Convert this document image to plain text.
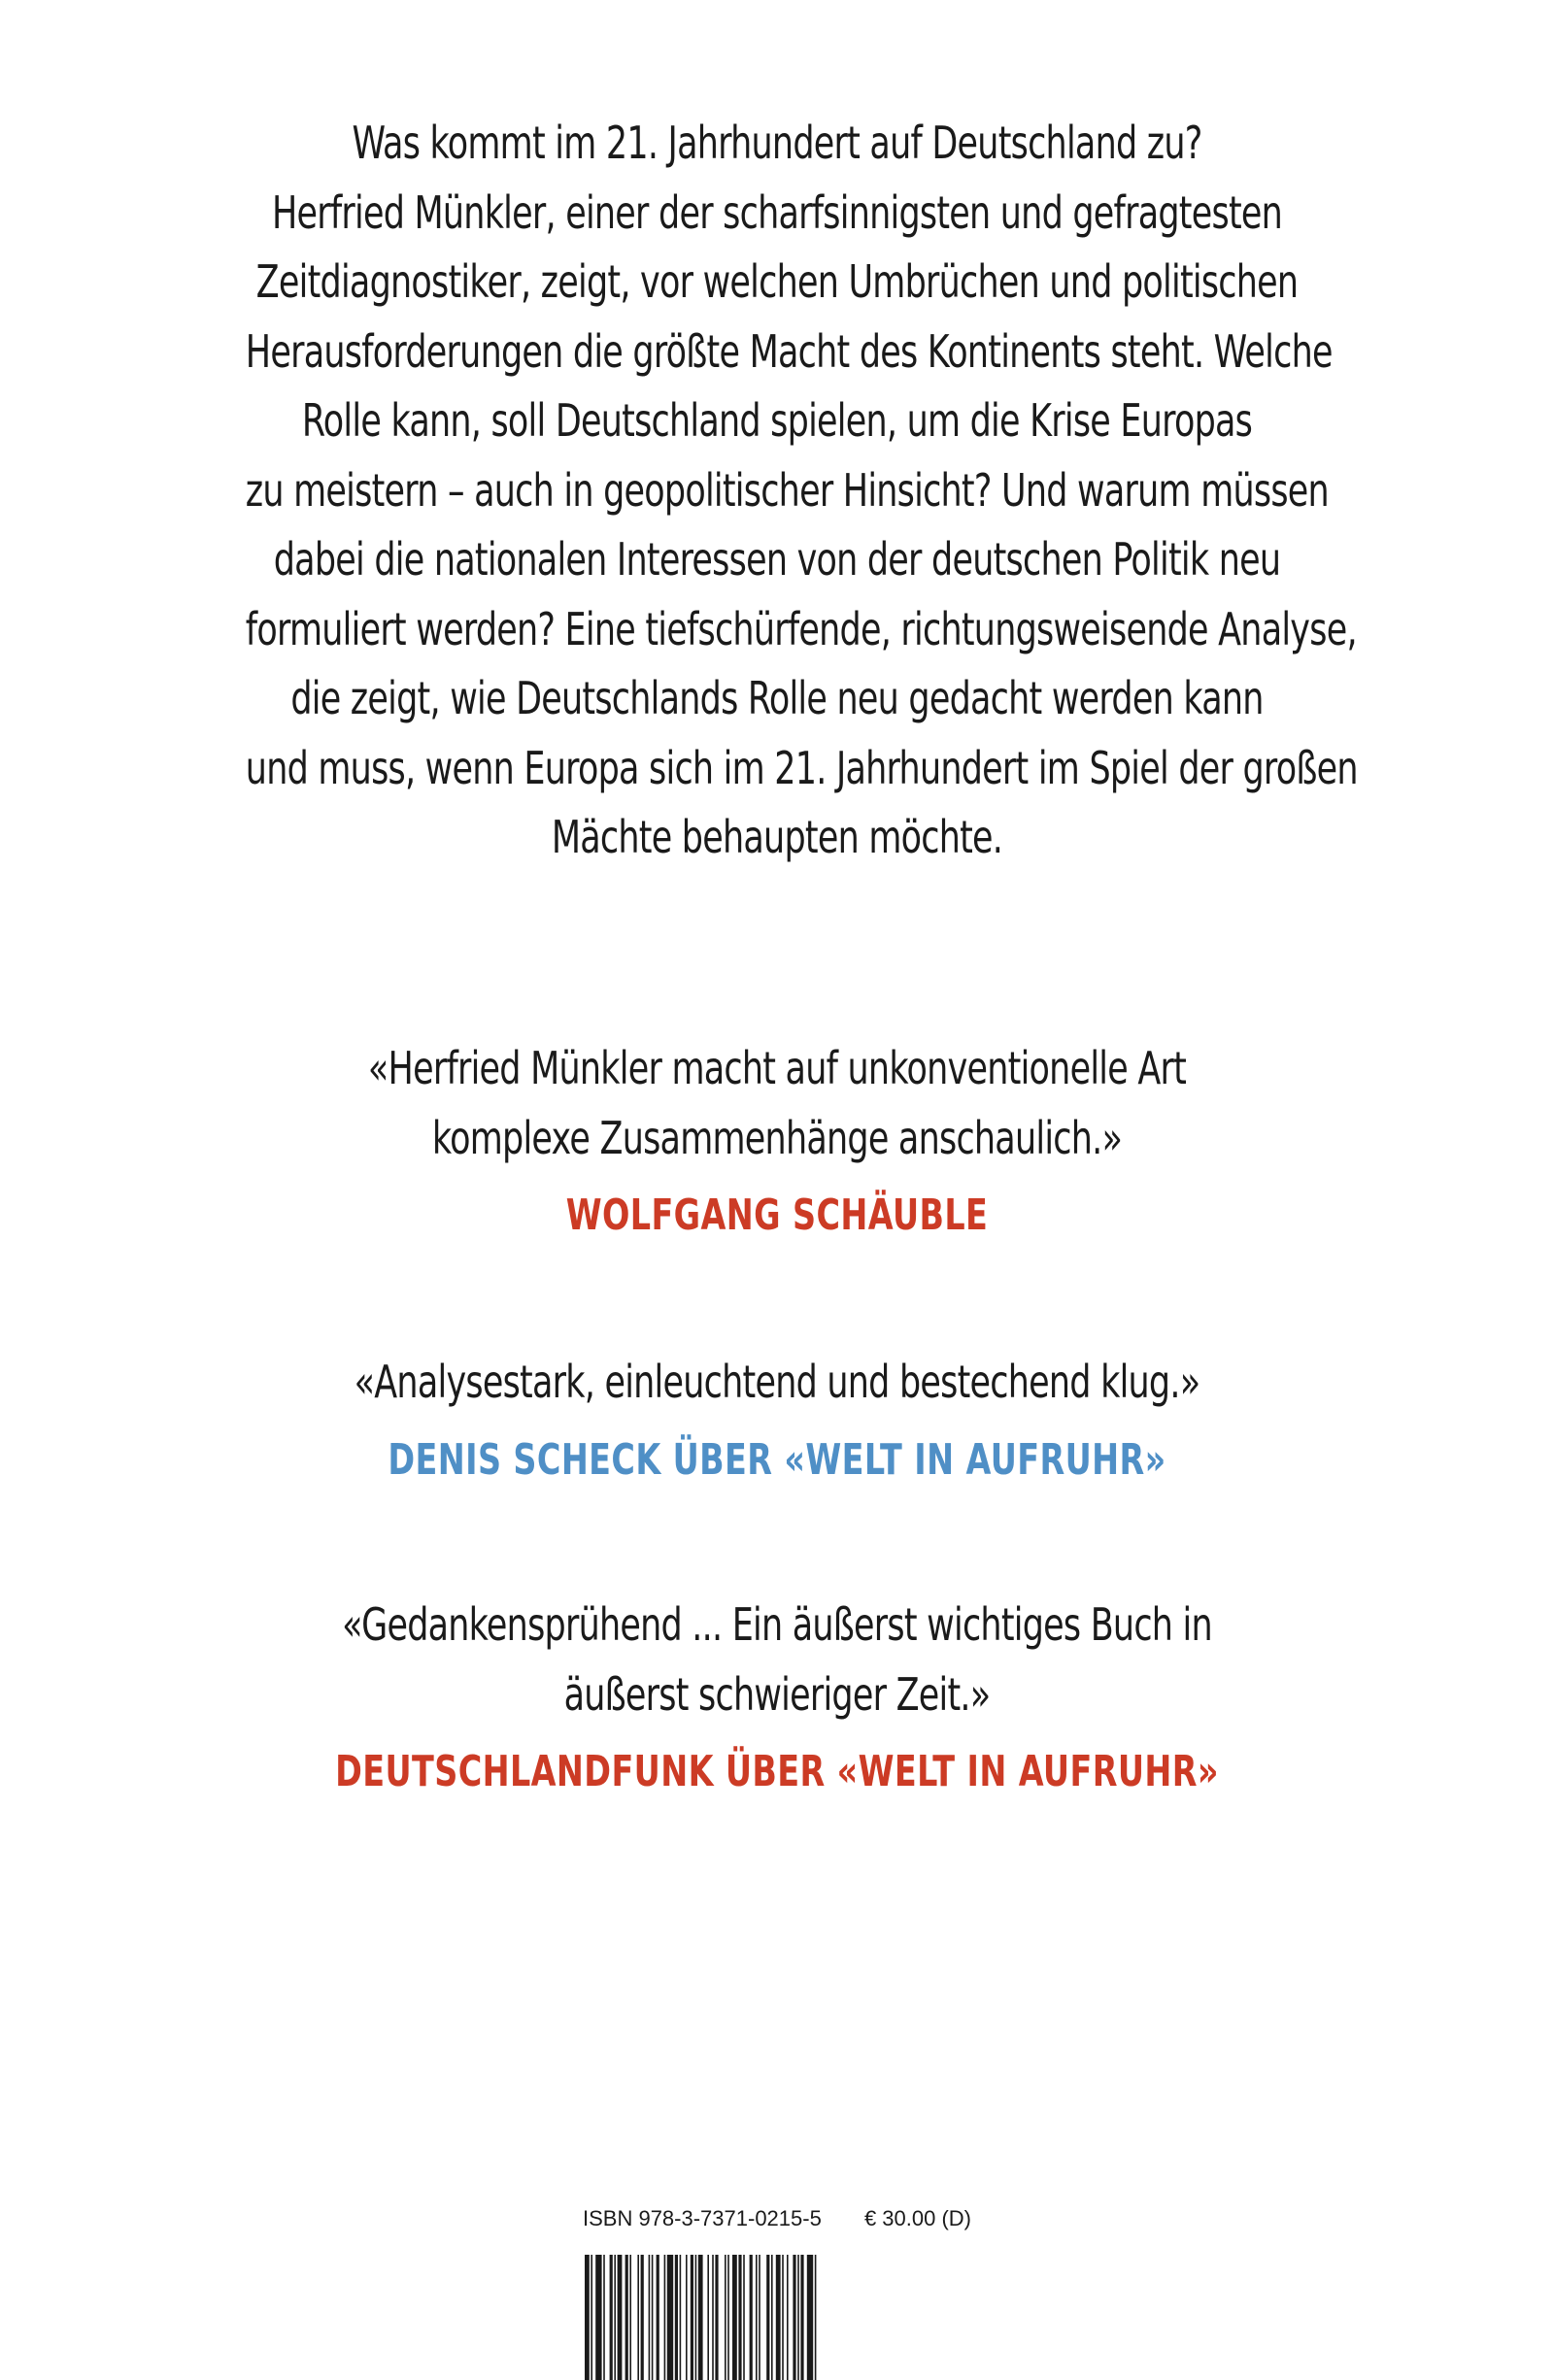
Was kommt im 21. Jahrhundert auf Deutschland zu?
Herfried Münkler, einer der scharfsinnigsten und gefragtesten
Zeitdiagnostiker, zeigt, vor welchen Umbrüchen und politischen
Herausforderungen die größte Macht des Kontinents steht. Welche
Rolle kann, soll Deutschland spielen, um die Krise Europas
zu meistern – auch in geopolitischer Hinsicht? Und warum müssen
dabei die nationalen Interessen von der deutschen Politik neu
formuliert werden? Eine tiefschürfende, richtungsweisende Analyse,
die zeigt, wie Deutschlands Rolle neu gedacht werden kann
und muss, wenn Europa sich im 21. Jahrhundert im Spiel der großen
Mächte behaupten möchte.

«Herfried Münkler macht auf unkonventionelle Art
komplexe Zusammenhänge anschaulich.»
WOLFGANG SCHÄUBLE
«Analysestark, einleuchtend und bestechend klug.»
DENIS SCHECK ÜBER «WELT IN AUFRUHR»
«Gedankensprühend ... Ein äußerst wichtiges Buch in
äußerst schwieriger Zeit.»
DEUTSCHLANDFUNK ÜBER «WELT IN AUFRUHR»
ISBN 978-3-7371-0215-5 € 30.00 (D)
